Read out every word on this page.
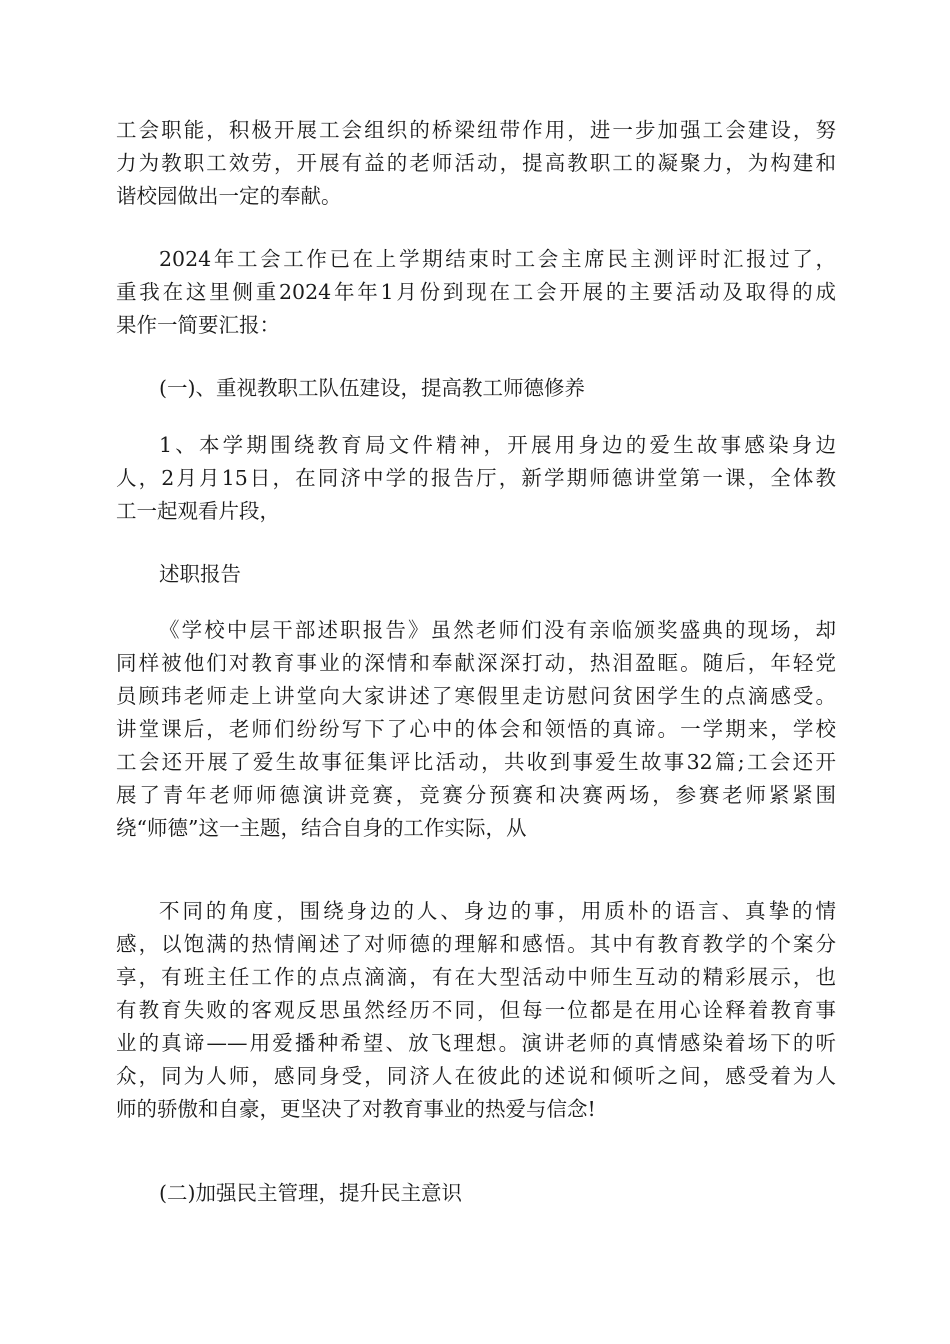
工会职能，积极开展工会组织的桥梁纽带作用，进一步加强工会建设，努
力为教职工效劳，开展有益的老师活动，提高教职工的凝聚力，为构建和
谐校园做出一定的奉献。
2024年工会工作已在上学期结束时工会主席民主测评时汇报过了，
重我在这里侧重2024年年1月份到现在工会开展的主要活动及取得的成
果作一简要汇报：
(一)、重视教职工队伍建设，提高教工师德修养
1、本学期围绕教育局文件精神，开展用身边的爱生故事感染身边
人，2月月15日，在同济中学的报告厅，新学期师德讲堂第一课，全体教
工一起观看片段，
述职报告
《学校中层干部述职报告》虽然老师们没有亲临颁奖盛典的现场，却
同样被他们对教育事业的深情和奉献深深打动，热泪盈眶。随后，年轻党
员顾玮老师走上讲堂向大家讲述了寒假里走访慰问贫困学生的点滴感受。
讲堂课后，老师们纷纷写下了心中的体会和领悟的真谛。一学期来，学校
工会还开展了爱生故事征集评比活动，共收到事爱生故事32篇;工会还开
展了青年老师师德演讲竞赛，竞赛分预赛和决赛两场，参赛老师紧紧围
绕“师德”这一主题，结合自身的工作实际，从
不同的角度，围绕身边的人、身边的事，用质朴的语言、真挚的情
感，以饱满的热情阐述了对师德的理解和感悟。其中有教育教学的个案分
享，有班主任工作的点点滴滴，有在大型活动中师生互动的精彩展示，也
有教育失败的客观反思虽然经历不同，但每一位都是在用心诠释着教育事
业的真谛——用爱播种希望、放飞理想。演讲老师的真情感染着场下的听
众，同为人师，感同身受，同济人在彼此的述说和倾听之间，感受着为人
师的骄傲和自豪，更坚决了对教育事业的热爱与信念!
(二)加强民主管理，提升民主意识
